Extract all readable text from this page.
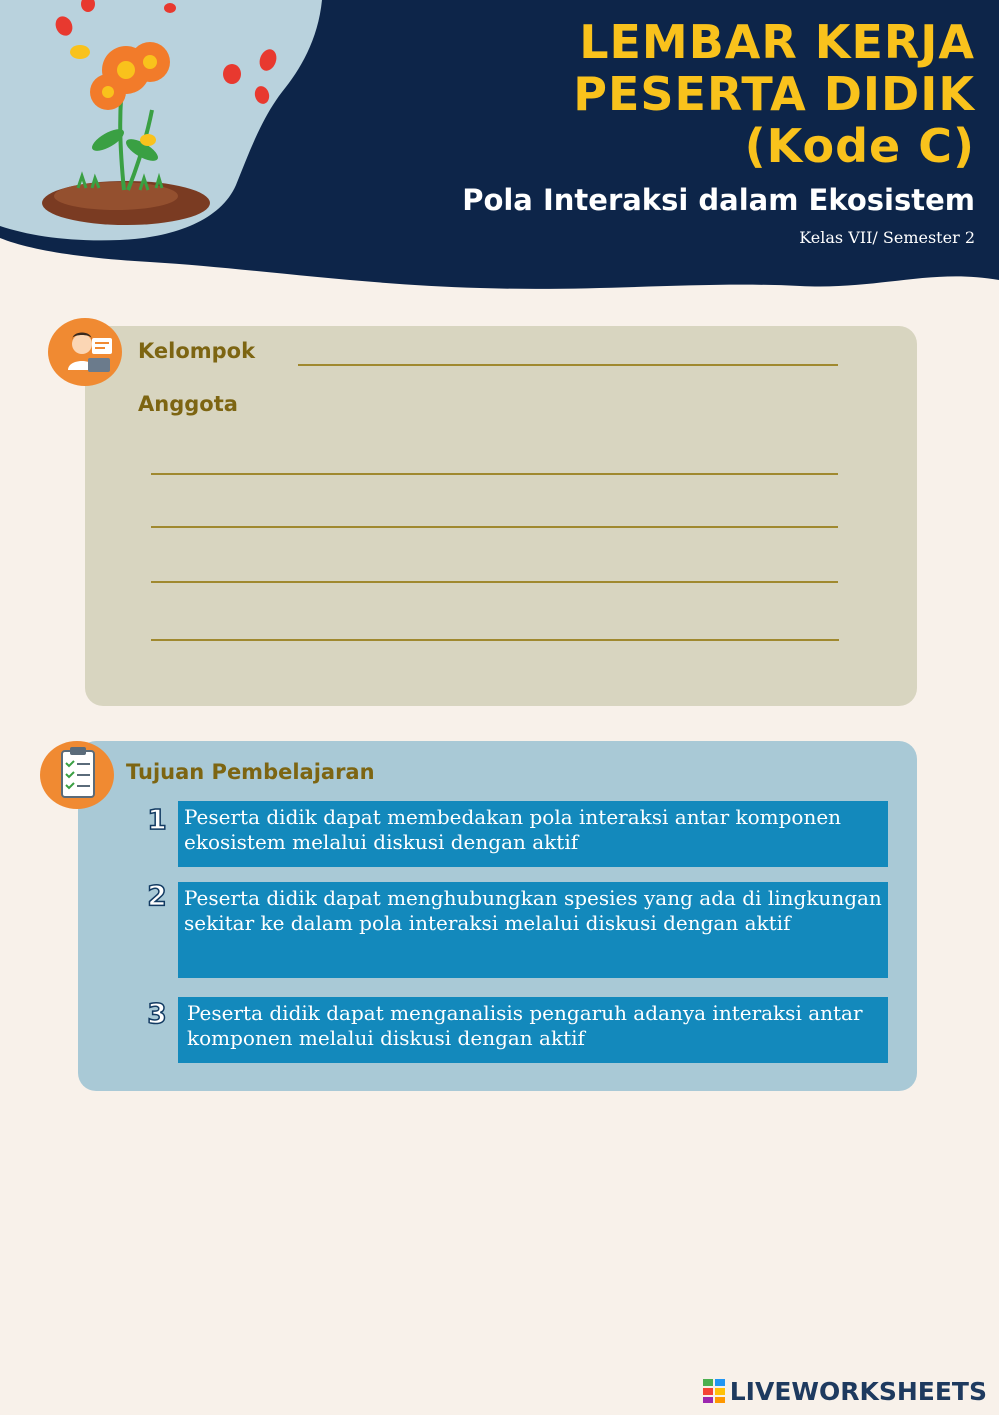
LEMBAR KERJA
PESERTA DIDIK
(Kode C)
Pola Interaksi dalam Ekosistem
Kelas VII/ Semester 2
Kelompok
Anggota
Tujuan Pembelajaran
1 Peserta didik dapat membedakan pola interaksi antar komponen ekosistem melalui diskusi dengan aktif
2 Peserta didik dapat menghubungkan spesies yang ada di lingkungan sekitar ke dalam pola interaksi melalui diskusi dengan aktif
3	Peserta didik dapat menganalisis pengaruh adanya interaksi antar komponen melalui diskusi dengan aktif
LIVEWORKSHEETS
